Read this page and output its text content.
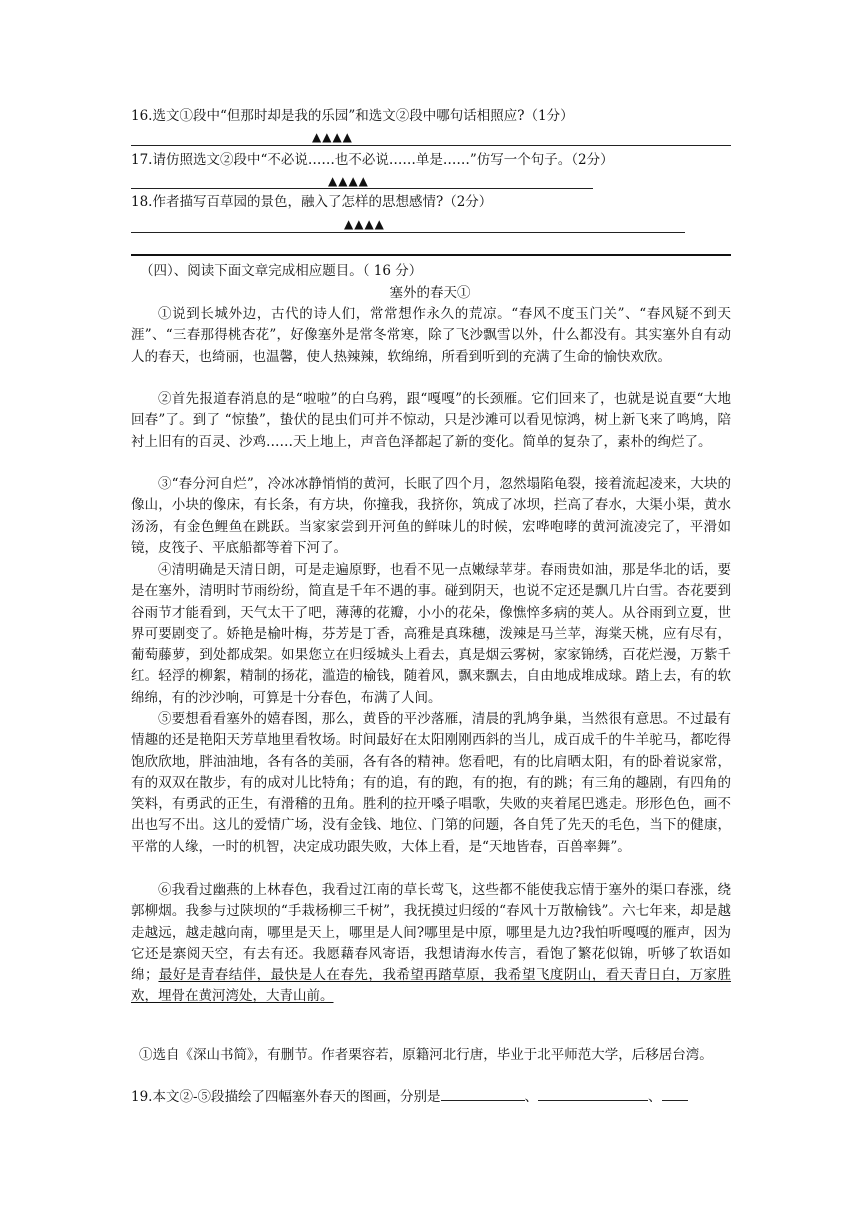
16.选文①段中“但那时却是我的乐园”和选文②段中哪句话相照应?（1分）
▲▲▲▲
17.请仿照选文②段中“不必说……也不必说……单是……”仿写一个句子。（2分）
▲▲▲▲
18.作者描写百草园的景色，融入了怎样的思想感情?（2分）
▲▲▲▲
（四）、阅读下面文章完成相应题目。（ 16 分）
塞外的春天①
①说到长城外边，古代的诗人们，常常想作永久的荒凉。“春风不度玉门关”、“春风疑不到天涯”、“三春那得桃杏花”，好像塞外是常冬常寒，除了飞沙飘雪以外，什么都没有。其实塞外自有动人的春天，也绮丽，也温馨，使人热辣辣，软绵绵，所看到听到的充满了生命的愉快欢欣。
②首先报道春消息的是“啦啦”的白乌鸦，跟“嘎嘎”的长颈雁。它们回来了，也就是说直要“大地回春”了。到了 “惊蛰”，蛰伏的昆虫们可并不惊动，只是沙滩可以看见惊鸿，树上新飞来了鸣鸠，陪衬上旧有的百灵、沙鸡……天上地上，声音色泽都起了新的变化。简单的复杂了，素朴的绚烂了。
③“春分河自烂”，冷冰冰静悄悄的黄河，长眠了四个月，忽然塌陷龟裂，接着流起凌来，大块的像山，小块的像床，有长条，有方块，你撞我，我挤你，筑成了冰坝，拦高了春水，大渠小渠，黄水汤汤，有金色鲤鱼在跳跃。当家家尝到开河鱼的鲜味儿的时候，宏哗咆哮的黄河流凌完了，平滑如镜，皮筏子、平底船都等着下河了。
④清明确是天清日朗，可是走遍原野，也看不见一点嫩绿苹芽。春雨贵如油，那是华北的话，要是在塞外，清明时节雨纷纷，简直是千年不遇的事。碰到阴天，也说不定还是飘几片白雪。杏花要到谷雨节才能看到，天气太干了吧，薄薄的花瓣，小小的花朵，像憔悴多病的荚人。从谷雨到立夏，世界可要剧变了。娇艳是榆叶梅，芬芳是丁香，高雅是真珠穗，泼辣是马兰苹，海棠天桃，应有尽有，葡萄藤萝，到处都成架。如果您立在归绥城头上看去，真是烟云雾树，家家锦绣，百花烂漫，万紫千红。轻浮的柳絮，精制的扬花，滥造的榆钱，随着风，飘来飘去，自由地成堆成球。踏上去，有的软绵绵，有的沙沙响，可算是十分春色，布满了人间。
⑤要想看看塞外的嬉春图，那么，黄昏的平沙落雁，清晨的乳鸠争巢，当然很有意思。不过最有情趣的还是艳阳天芳草地里看牧场。时间最好在太阳刚刚西斜的当儿，成百成千的牛羊驼马，都吃得饱欣欣地，胖油油地，各有各的美丽，各有各的精神。您看吧，有的比肩晒太阳，有的卧着说家常，有的双双在散步，有的成对儿比特角；有的追，有的跑，有的抱，有的跳；有三角的趣剧，有四角的笑料，有勇武的正生，有滑稽的丑角。胜利的拉开嗓子唱歌，失败的夹着尾巴逃走。形形色色，画不出也写不出。这儿的爱情广场，没有金钱、地位、门第的问题，各自凭了先天的毛色，当下的健康，平常的人缘，一时的机智，决定成功跟失败，大体上看，是“天地皆春，百兽率舞”。
⑥我看过幽燕的上林春色，我看过江南的草长莺飞，这些都不能使我忘情于塞外的渠口春涨，绕郭柳烟。我参与过陕坝的“手栽杨柳三千树”，我抚摸过归绥的“春风十万散榆钱”。六七年来，却是越走越远，越走越向南，哪里是天上，哪里是人间?哪里是中原，哪里是九边?我怕听嘎嘎的雁声，因为它还是寨阅天空，有去有还。我愿藉春风寄语，我想请海水传言，看饱了繁花似锦，听够了软语如绵；最好是青春结伴，最快是人在春先，我希望再踏草原，我希望飞度阴山，看天青日白，万家胜欢，埋骨在黄河湾处，大青山前。
①选自《深山书简》，有删节。作者栗容若，原籍河北行唐，毕业于北平师范大学，后移居台湾。
19.本文②-⑤段描绘了四幅塞外春天的图画，分别是	、	、
